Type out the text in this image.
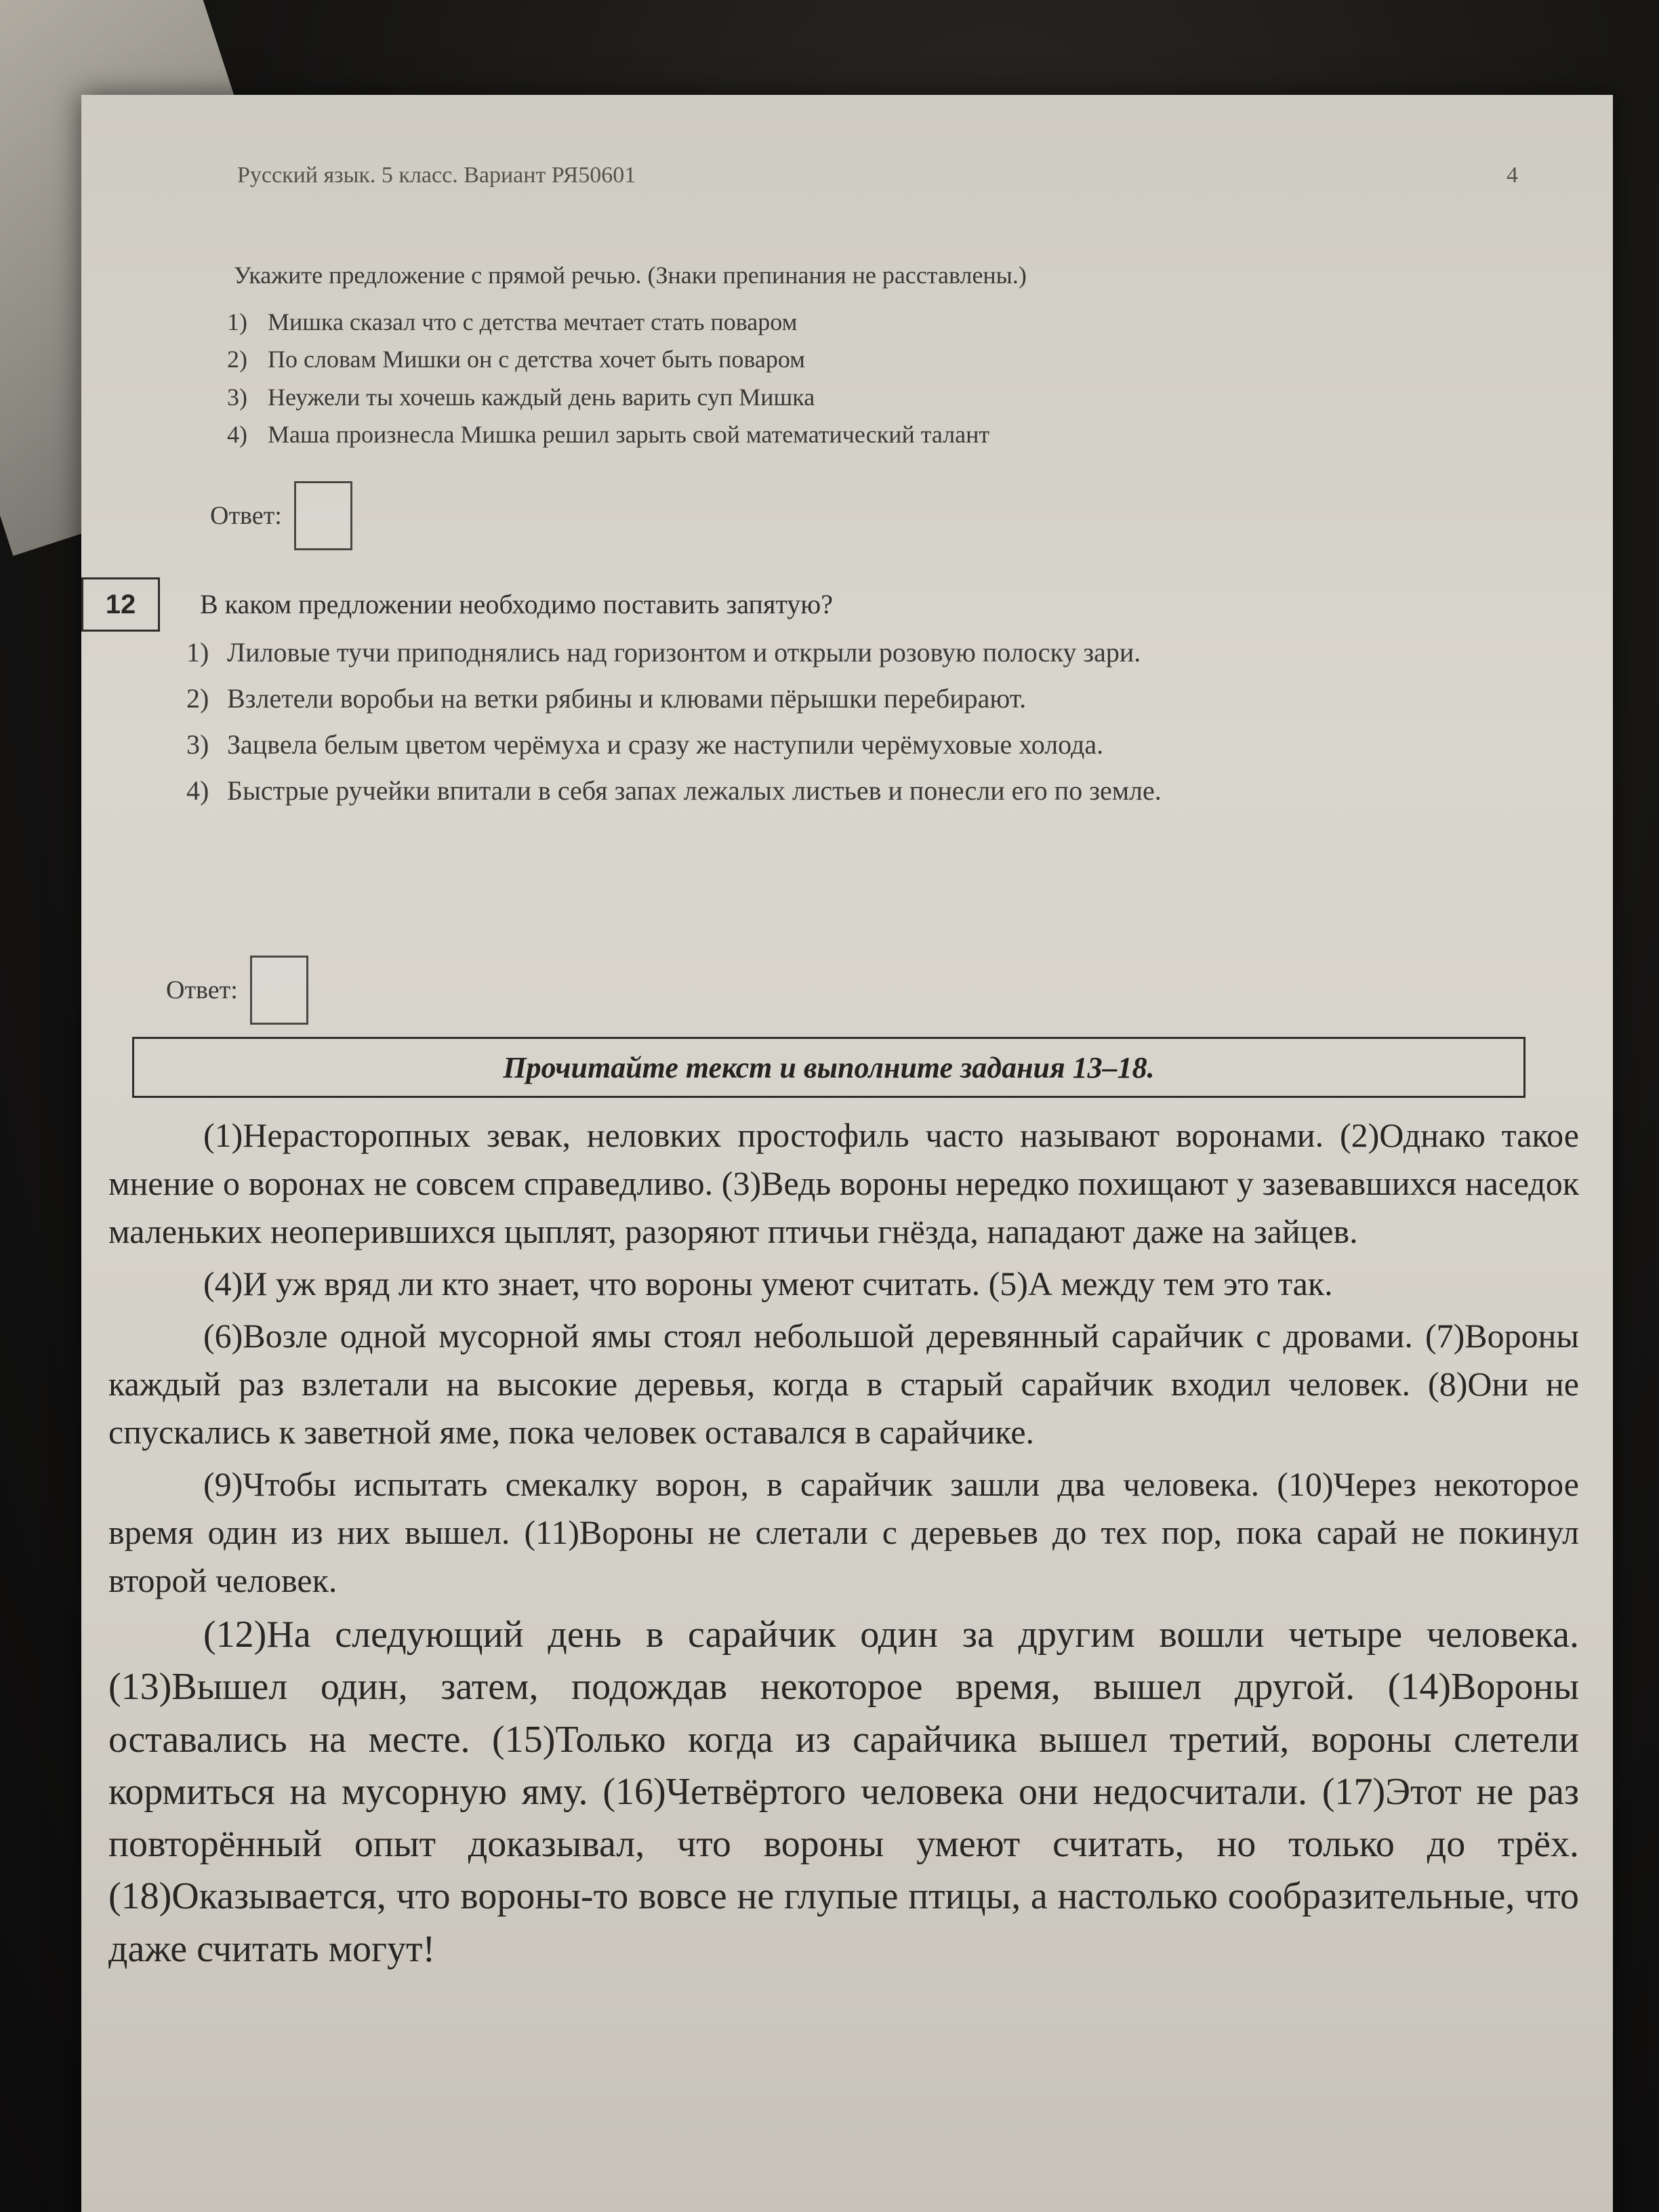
Русский язык. 5 класс. Вариант РЯ50601	4
Укажите предложение с прямой речью. (Знаки препинания не расставлены.)
1) Мишка сказал что с детства мечтает стать поваром
2) По словам Мишки он с детства хочет быть поваром
3) Неужели ты хочешь каждый день варить суп Мишка
4) Маша произнесла Мишка решил зарыть свой математический талант
Ответ:
12	В каком предложении необходимо поставить запятую?
1) Лиловые тучи приподнялись над горизонтом и открыли розовую полоску зари.
2) Взлетели воробьи на ветки рябины и клювами пёрышки перебирают.
3) Зацвела белым цветом черёмуха и сразу же наступили черёмуховые холода.
4) Быстрые ручейки впитали в себя запах лежалых листьев и понесли его по земле.
Ответ:
Прочитайте текст и выполните задания 13–18.

(1)Нерасторопных зевак, неловких простофиль часто называют воронами. (2)Однако такое мнение о воронах не совсем справедливо. (3)Ведь вороны нередко похищают у зазевавшихся наседок маленьких неоперившихся цыплят, разоряют птичьи гнёзда, нападают даже на зайцев.

(4)И уж вряд ли кто знает, что вороны умеют считать. (5)А между тем это так.

(6)Возле одной мусорной ямы стоял небольшой деревянный сарайчик с дровами. (7)Вороны каждый раз взлетали на высокие деревья, когда в старый сарайчик входил человек. (8)Они не спускались к заветной яме, пока человек оставался в сарайчике.

(9)Чтобы испытать смекалку ворон, в сарайчик зашли два человека. (10)Через некоторое время один из них вышел. (11)Вороны не слетали с деревьев до тех пор, пока сарай не покинул второй человек.

(12)На следующий день в сарайчик один за другим вошли четыре человека. (13)Вышел один, затем, подождав некоторое время, вышел другой. (14)Вороны оставались на месте. (15)Только когда из сарайчика вышел третий, вороны слетели кормиться на мусорную яму. (16)Четвёртого человека они недосчитали. (17)Этот не раз повторённый опыт доказывал, что вороны умеют считать, но только до трёх. (18)Оказывается, что вороны-то вовсе не глупые птицы, а настолько сообразительные, что даже считать могут!
